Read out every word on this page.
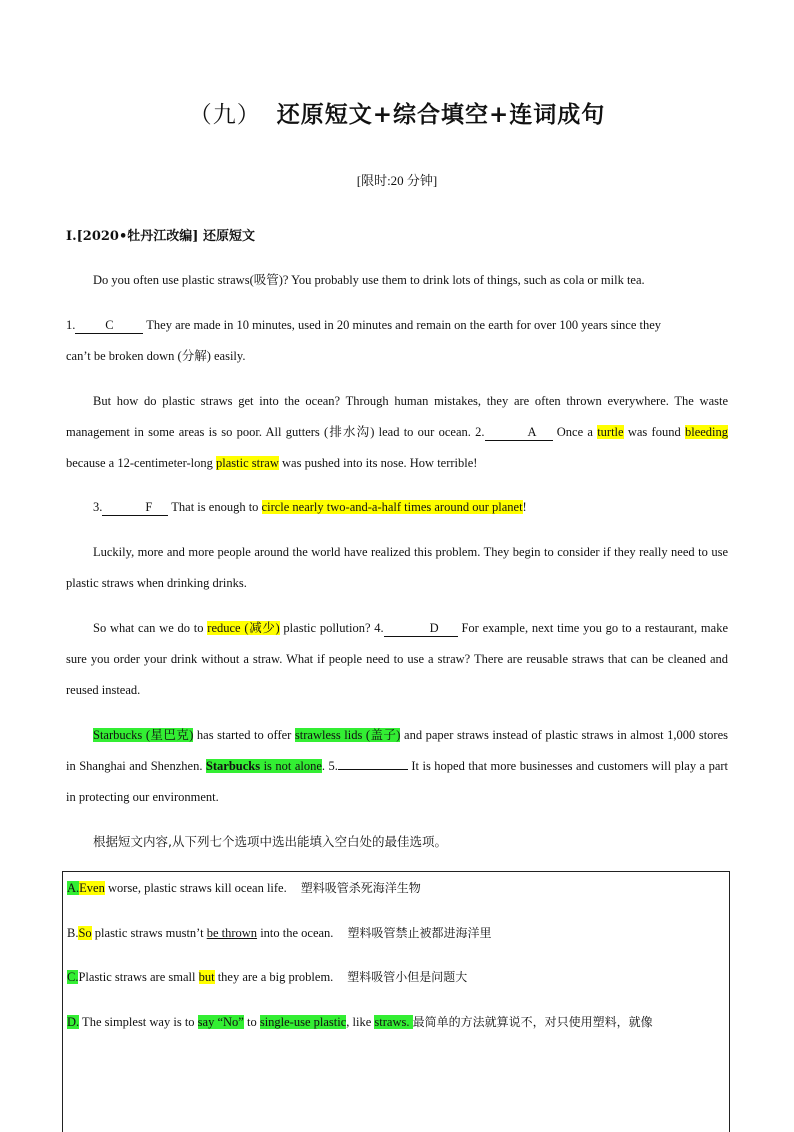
（九） 还原短文+综合填空+连词成句
[限时:20 分钟]
Ⅰ.[2020•牡丹江改编] 还原短文
Do you often use plastic straws(吸管)? You probably use them to drink lots of things, such as cola or milk tea.
1. C They are made in 10 minutes, used in 20 minutes and remain on the earth for over 100 years since they
can’t be broken down (分解) easily.
But how do plastic straws get into the ocean? Through human mistakes, they are often thrown everywhere. The waste management in some areas is so poor. All gutters (排水沟) lead to our ocean. 2.	A Once a turtle was found bleeding because a 12-centimeter-long plastic straw was pushed into its nose. How terrible!
3.	F That is enough to circle nearly two-and-a-half times around our planet!
Luckily, more and more people around the world have realized this problem. They begin to consider if they really need to use plastic straws when drinking drinks.
So what can we do to reduce (减少) plastic pollution? 4.	D For example, next time you go to a restaurant, make sure you order your drink without a straw. What if people need to use a straw? There are reusable straws that can be cleaned and reused instead.
Starbucks (星巴克) has started to offer strawless lids (盖子) and paper straws instead of plastic straws in almost 1,000 stores in Shanghai and Shenzhen. Starbucks is not alone. 5.	It is hoped that more businesses and customers will play a part in protecting our environment.
根据短文内容,从下列七个选项中选出能填入空白处的最佳选项。
A.Even worse, plastic straws kill ocean life. 塑料吸管杀死海洋生物
B.So plastic straws mustn’t be thrown into the ocean. 塑料吸管禁止被都进海洋里
C.Plastic straws are small but they are a big problem. 塑料吸管小但是问题大
D. The simplest way is to say “No” to single-use plastic, like straws. 最简单的方法就算说不，对只使用塑料，就像
